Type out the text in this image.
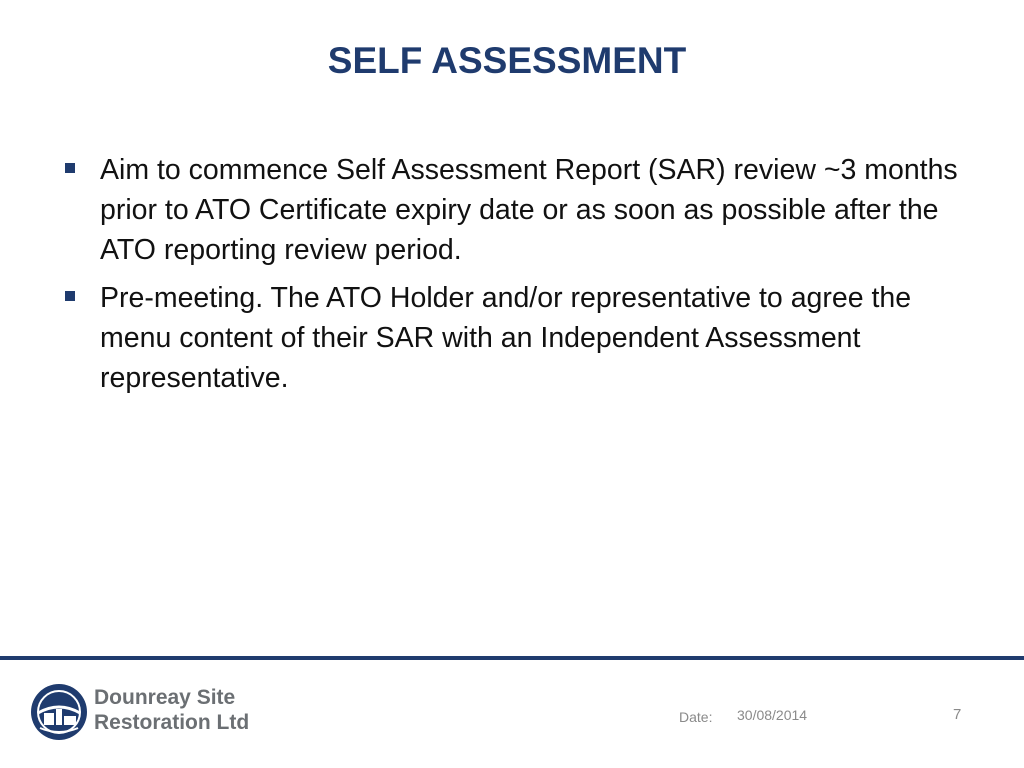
SELF ASSESSMENT
Aim to commence Self Assessment Report (SAR) review ~3 months prior to ATO Certificate expiry date or as soon as possible after the ATO reporting review period.
Pre-meeting. The ATO Holder and/or representative to agree the menu content of their SAR with an Independent Assessment representative.
Dounreay Site
Restoration Ltd	Date: 30/08/2014	7
